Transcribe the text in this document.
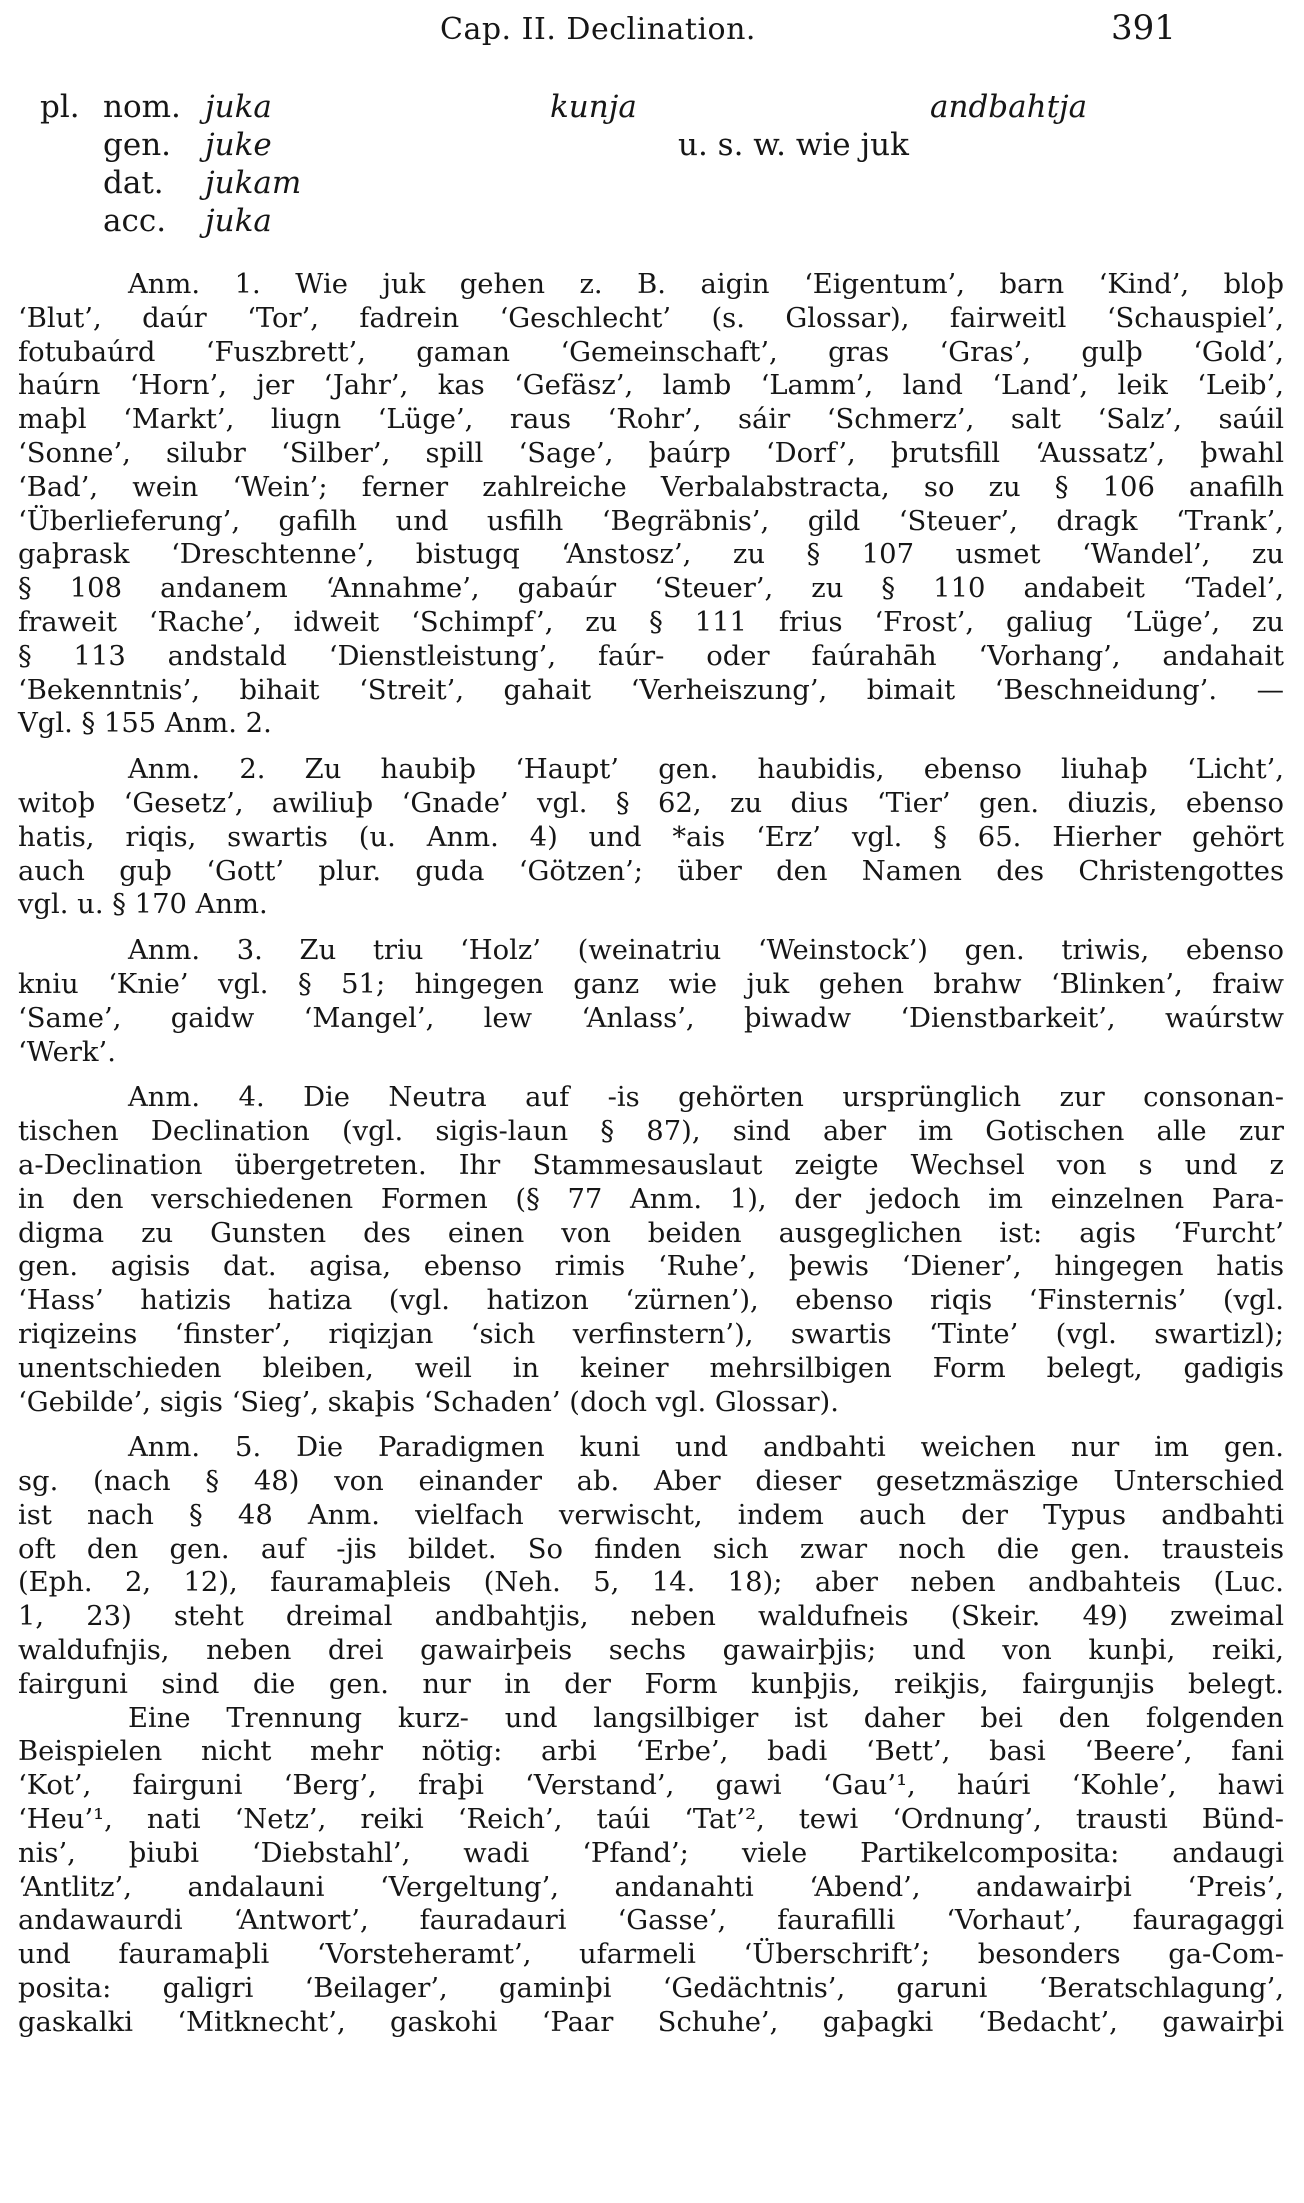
Cap. II. Declination.	391
pl. nom. juka	kunja	andbahtja
gen. juke	u. s. w. wie juk
dat. jukam
acc. juka
Anm. 1. Wie juk gehen z. B. aigin ‘Eigentum’, barn ‘Kind’, bloþ
‘Blut’, daúr ‘Tor’, fadrein ‘Geschlecht’ (s. Glossar), fairweitl ‘Schauspiel’,
fotubaúrd ‘Fuszbrett’, gaman ‘Gemeinschaft’, gras ‘Gras’, gulþ ‘Gold’,
haúrn ‘Horn’, jer ‘Jahr’, kas ‘Gefäsz’, lamb ‘Lamm’, land ‘Land’, leik ‘Leib’,
maþl ‘Markt’, liugn ‘Lüge’, raus ‘Rohr’, sáir ‘Schmerz’, salt ‘Salz’, saúil
‘Sonne’, silubr ‘Silber’, spill ‘Sage’, þaúrp ‘Dorf’, þrutsfill ‘Aussatz’, þwahl
‘Bad’, wein ‘Wein’; ferner zahlreiche Verbalabstracta, so zu § 106 anafilh
‘Überlieferung’, gafilh und usfilh ‘Begräbnis’, gild ‘Steuer’, dragk ‘Trank’,
gaþrask ‘Dreschtenne’, bistugq ‘Anstosz’, zu § 107 usmet ‘Wandel’, zu
§ 108 andanem ‘Annahme’, gabaúr ‘Steuer’, zu § 110 andabeit ‘Tadel’,
fraweit ‘Rache’, idweit ‘Schimpf’, zu § 111 frius ‘Frost’, galiug ‘Lüge’, zu
§ 113 andstald ‘Dienstleistung’, faúr- oder faúrahāh ‘Vorhang’, andahait
‘Bekenntnis’, bihait ‘Streit’, gahait ‘Verheiszung’, bimait ‘Beschneidung’. —
Vgl. § 155 Anm. 2.
Anm. 2. Zu haubiþ ‘Haupt’ gen. haubidis, ebenso liuhaþ ‘Licht’,
witoþ ‘Gesetz’, awiliuþ ‘Gnade’ vgl. § 62, zu dius ‘Tier’ gen. diuzis, ebenso
hatis, riqis, swartis (u. Anm. 4) und *ais ‘Erz’ vgl. § 65. Hierher gehört
auch guþ ‘Gott’ plur. guda ‘Götzen’; über den Namen des Christengottes
vgl. u. § 170 Anm.
Anm. 3. Zu triu ‘Holz’ (weinatriu ‘Weinstock’) gen. triwis, ebenso
kniu ‘Knie’ vgl. § 51; hingegen ganz wie juk gehen brahw ‘Blinken’, fraiw
‘Same’, gaidw ‘Mangel’, lew ‘Anlass’, þiwadw ‘Dienstbarkeit’, waúrstw
‘Werk’.
Anm. 4. Die Neutra auf -is gehörten ursprünglich zur consonan-
tischen Declination (vgl. sigis-laun § 87), sind aber im Gotischen alle zur
a-Declination übergetreten. Ihr Stammesauslaut zeigte Wechsel von s und z
in den verschiedenen Formen (§ 77 Anm. 1), der jedoch im einzelnen Para-
digma zu Gunsten des einen von beiden ausgeglichen ist: agis ‘Furcht’
gen. agisis dat. agisa, ebenso rimis ‘Ruhe’, þewis ‘Diener’, hingegen hatis
‘Hass’ hatizis hatiza (vgl. hatizon ‘zürnen’), ebenso riqis ‘Finsternis’ (vgl.
riqizeins ‘finster’, riqizjan ‘sich verfinstern’), swartis ‘Tinte’ (vgl. swartizl);
unentschieden bleiben, weil in keiner mehrsilbigen Form belegt, gadigis
‘Gebilde’, sigis ‘Sieg’, skaþis ‘Schaden’ (doch vgl. Glossar).
Anm. 5. Die Paradigmen kuni und andbahti weichen nur im gen.
sg. (nach § 48) von einander ab. Aber dieser gesetzmäszige Unterschied
ist nach § 48 Anm. vielfach verwischt, indem auch der Typus andbahti
oft den gen. auf -jis bildet. So finden sich zwar noch die gen. trausteis
(Eph. 2, 12), fauramaþleis (Neh. 5, 14. 18); aber neben andbahteis (Luc.
1, 23) steht dreimal andbahtjis, neben waldufneis (Skeir. 49) zweimal
waldufnjis, neben drei gawairþeis sechs gawairþjis; und von kunþi, reiki,
fairguni sind die gen. nur in der Form kunþjis, reikjis, fairgunjis belegt.
Eine Trennung kurz- und langsilbiger ist daher bei den folgenden
Beispielen nicht mehr nötig: arbi ‘Erbe’, badi ‘Bett’, basi ‘Beere’, fani
‘Kot’, fairguni ‘Berg’, fraþi ‘Verstand’, gawi ‘Gau’¹, haúri ‘Kohle’, hawi
‘Heu’¹, nati ‘Netz’, reiki ‘Reich’, taúi ‘Tat’², tewi ‘Ordnung’, trausti Bünd-
nis’, þiubi ‘Diebstahl’, wadi ‘Pfand’; viele Partikelcomposita: andaugi
‘Antlitz’, andalauni ‘Vergeltung’, andanahti ‘Abend’, andawairþi ‘Preis’,
andawaurdi ‘Antwort’, fauradauri ‘Gasse’, faurafilli ‘Vorhaut’, fauragaggi
und fauramaþli ‘Vorsteheramt’, ufarmeli ‘Überschrift’; besonders ga-Com-
posita: galigri ‘Beilager’, gaminþi ‘Gedächtnis’, garuni ‘Beratschlagung’,
gaskalki ‘Mitknecht’, gaskohi ‘Paar Schuhe’, gaþagki ‘Bedacht’, gawairþi
